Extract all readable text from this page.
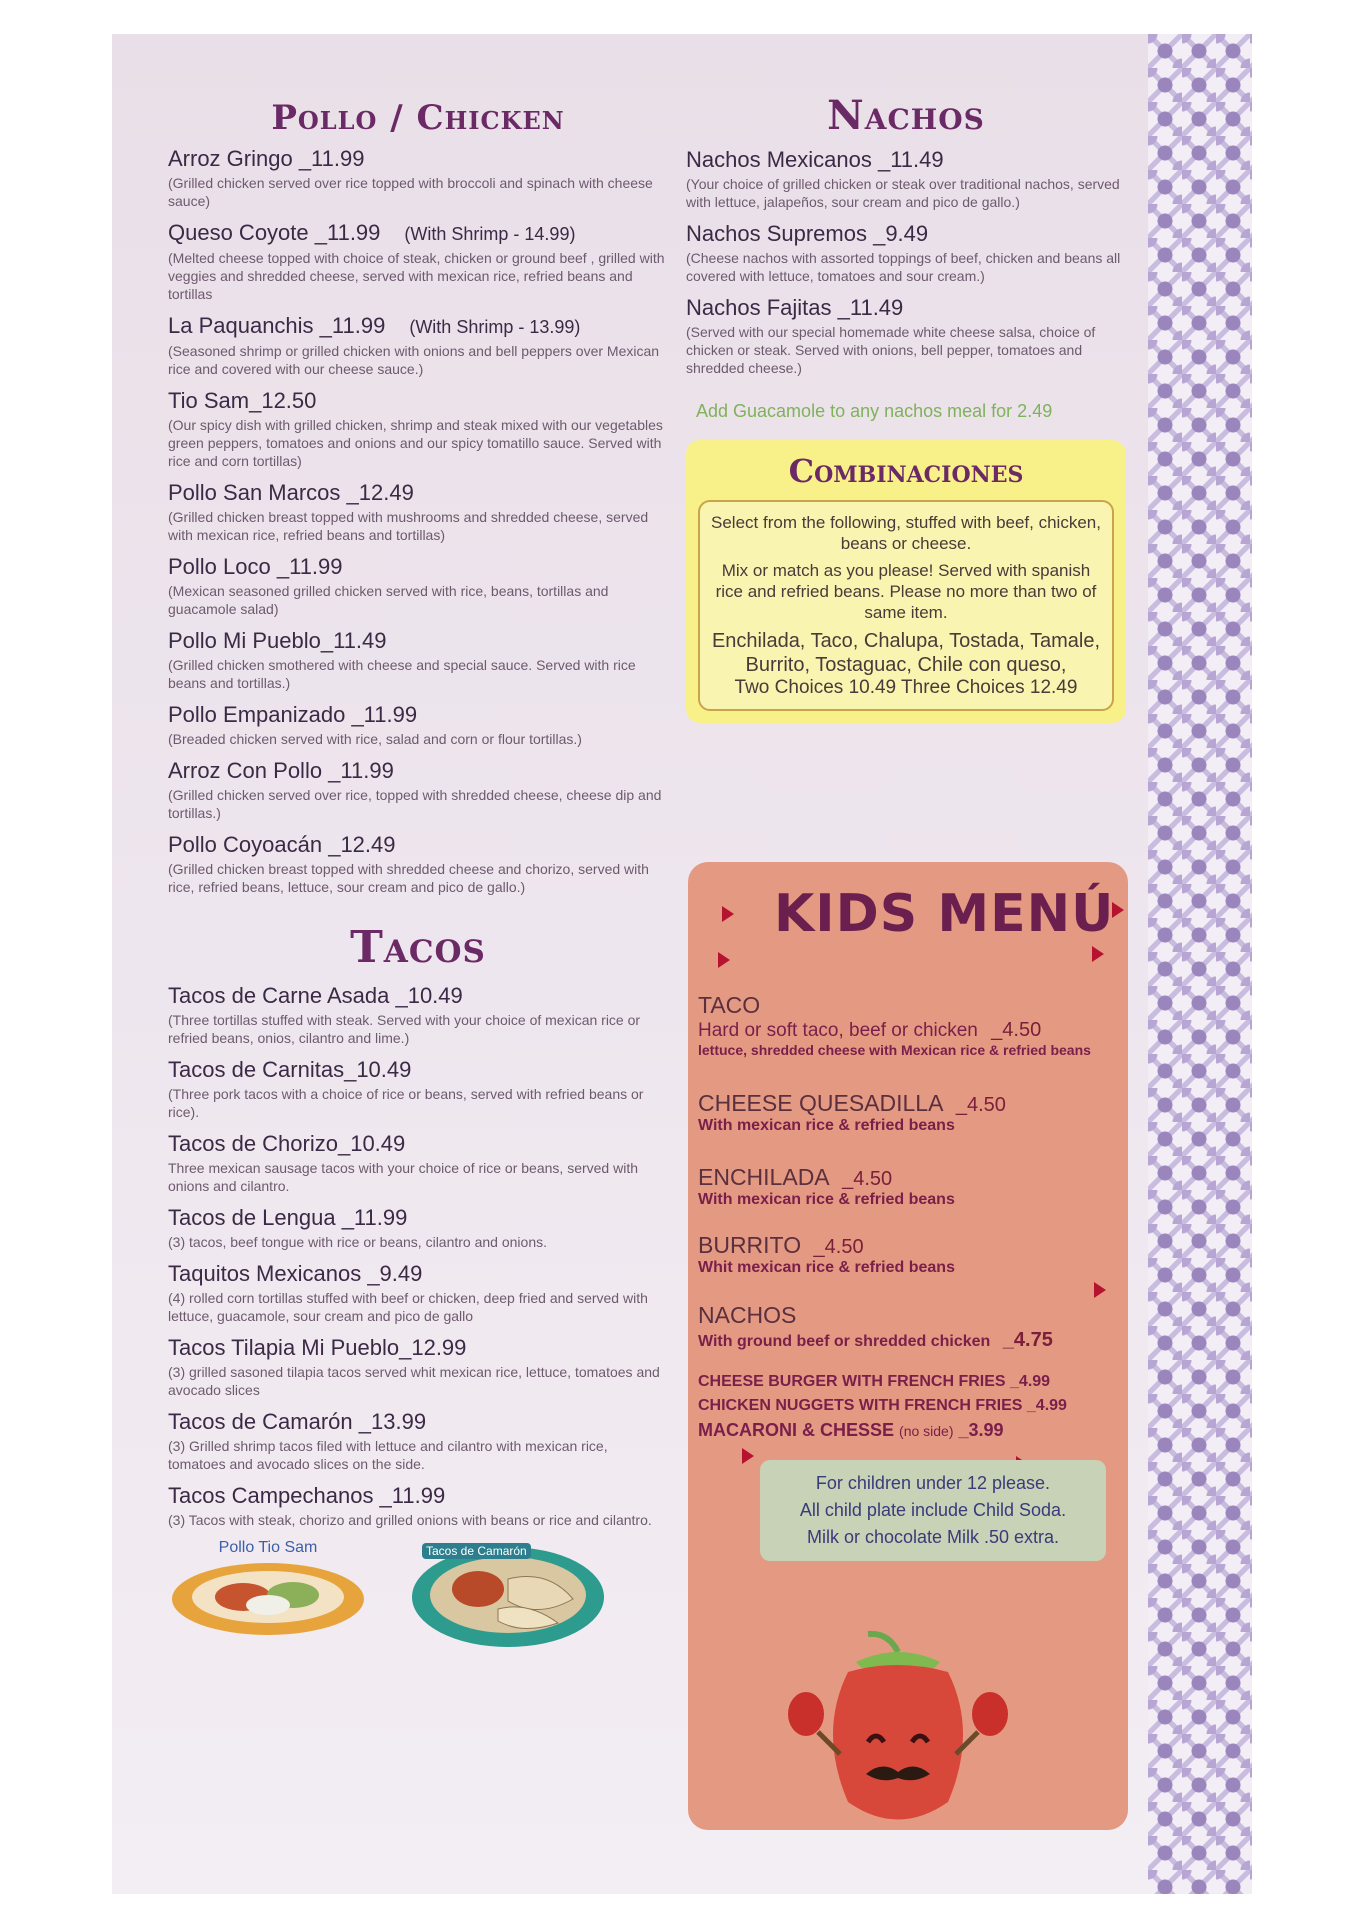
Pollo / Chicken
Arroz Gringo _11.99
(Grilled chicken served over rice topped with broccoli and spinach with cheese sauce)
Queso Coyote _11.99 (With Shrimp - 14.99)
(Melted cheese topped with choice of steak, chicken or ground beef , grilled with veggies and shredded cheese, served with mexican rice, refried beans and tortillas
La Paquanchis _11.99 (With Shrimp - 13.99)
(Seasoned shrimp or grilled chicken with onions and bell peppers over Mexican rice and covered with our cheese sauce.)
Tio Sam_12.50
(Our spicy dish with grilled chicken, shrimp and steak mixed with our vegetables green peppers, tomatoes and onions and our spicy tomatillo sauce. Served with rice and corn tortillas)
Pollo San Marcos _12.49
(Grilled chicken breast topped with mushrooms and shredded cheese, served with mexican rice, refried beans and tortillas)
Pollo Loco _11.99
(Mexican seasoned grilled chicken served with rice, beans, tortillas and guacamole salad)
Pollo Mi Pueblo_11.49
(Grilled chicken smothered with cheese and special sauce. Served with rice beans and tortillas.)
Pollo Empanizado _11.99
(Breaded chicken served with rice, salad and corn or flour tortillas.)
Arroz Con Pollo _11.99
(Grilled chicken served over rice, topped with shredded cheese, cheese dip and tortillas.)
Pollo Coyoacán _12.49
(Grilled chicken breast topped with shredded cheese and chorizo, served with rice, refried beans, lettuce, sour cream and pico de gallo.)
Tacos
Tacos de Carne Asada _10.49
(Three tortillas stuffed with steak. Served with your choice of mexican rice or refried beans, onios, cilantro and lime.)
Tacos de Carnitas_10.49
(Three pork tacos with a choice of rice or beans, served with refried beans or rice).
Tacos de Chorizo_10.49
Three mexican sausage tacos with your choice of rice or beans, served with onions and cilantro.
Tacos de Lengua _11.99
(3) tacos, beef tongue with rice or beans, cilantro and onions.
Taquitos Mexicanos _9.49
(4) rolled corn tortillas stuffed with beef or chicken, deep fried and served with lettuce, guacamole, sour cream and pico de gallo
Tacos Tilapia Mi Pueblo_12.99
(3) grilled sasoned tilapia tacos served whit mexican rice, lettuce, tomatoes and avocado slices
Tacos de Camarón _13.99
(3) Grilled shrimp tacos filed with lettuce and cilantro with mexican rice, tomatoes and avocado slices on the side.
Tacos Campechanos _11.99
(3) Tacos with steak, chorizo and grilled onions with beans or rice and cilantro.
Pollo Tio Sam	Tacos de Camarón
Nachos
Nachos Mexicanos _11.49
(Your choice of grilled chicken or steak over traditional nachos, served with lettuce, jalapeños, sour cream and pico de gallo.)
Nachos Supremos _9.49
(Cheese nachos with assorted toppings of beef, chicken and beans all covered with lettuce, tomatoes and sour cream.)
Nachos Fajitas _11.49
(Served with our special homemade white cheese salsa, choice of chicken or steak. Served with onions, bell pepper, tomatoes and shredded cheese.)
Add Guacamole to any nachos meal for 2.49
Combinaciones

Select from the following, stuffed with beef, chicken, beans or cheese.

Mix or match as you please! Served with spanish rice and refried beans. Please no more than two of same item.

Enchilada, Taco, Chalupa, Tostada, Tamale, Burrito, Tostaguac, Chile con queso,
Two Choices 10.49 Three Choices 12.49
KIDS MENÚ
TACO
Hard or soft taco, beef or chicken _4.50
lettuce, shredded cheese with Mexican rice & refried beans
CHEESE QUESADILLA _4.50
With mexican rice & refried beans
ENCHILADA _4.50
With mexican rice & refried beans
BURRITO _4.50
Whit mexican rice & refried beans
NACHOS
With ground beef or shredded chicken _4.75
CHEESE BURGER WITH FRENCH FRIES _4.99
CHICKEN NUGGETS WITH FRENCH FRIES _4.99
MACARONI & CHESSE (no side) _3.99
For children under 12 please.
All child plate include Child Soda.
Milk or chocolate Milk .50 extra.
